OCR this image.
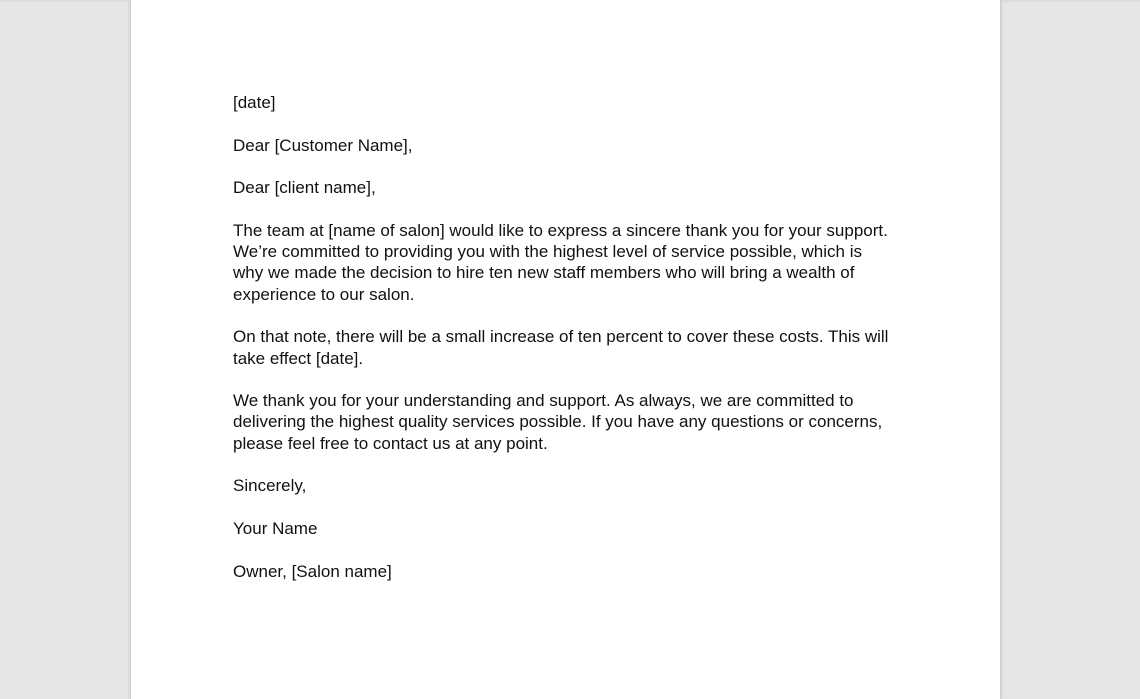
[date]

Dear [Customer Name],

Dear [client name],

The team at [name of salon] would like to express a sincere thank you for your support.
We’re committed to providing you with the highest level of service possible, which is
why we made the decision to hire ten new staff members who will bring a wealth of
experience to our salon.

On that note, there will be a small increase of ten percent to cover these costs. This will
take effect [date].

We thank you for your understanding and support. As always, we are committed to
delivering the highest quality services possible. If you have any questions or concerns,
please feel free to contact us at any point.

Sincerely,

Your Name

Owner, [Salon name]
